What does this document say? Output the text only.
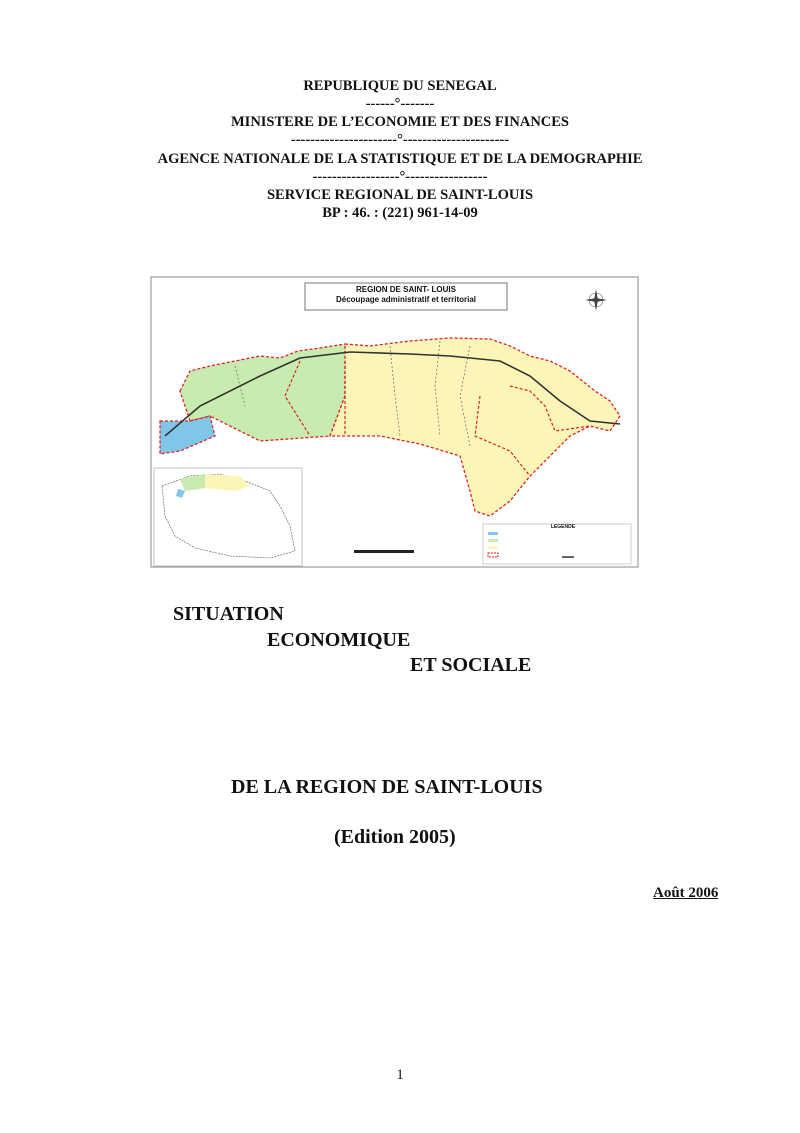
REPUBLIQUE DU SENEGAL
------°-------
MINISTERE DE L’ECONOMIE ET DES FINANCES
----------------------°----------------------
AGENCE NATIONALE DE LA STATISTIQUE ET DE LA DEMOGRAPHIE
------------------°-----------------
SERVICE REGIONAL DE SAINT-LOUIS
BP : 46. : (221) 961-14-09
REGION DE SAINT- LOUIS
Découpage administratif et territorial
LEGENDE
SITUATION
ECONOMIQUE
ET SOCIALE
DE LA REGION DE SAINT-LOUIS
(Edition 2005)
Août 2006
1
